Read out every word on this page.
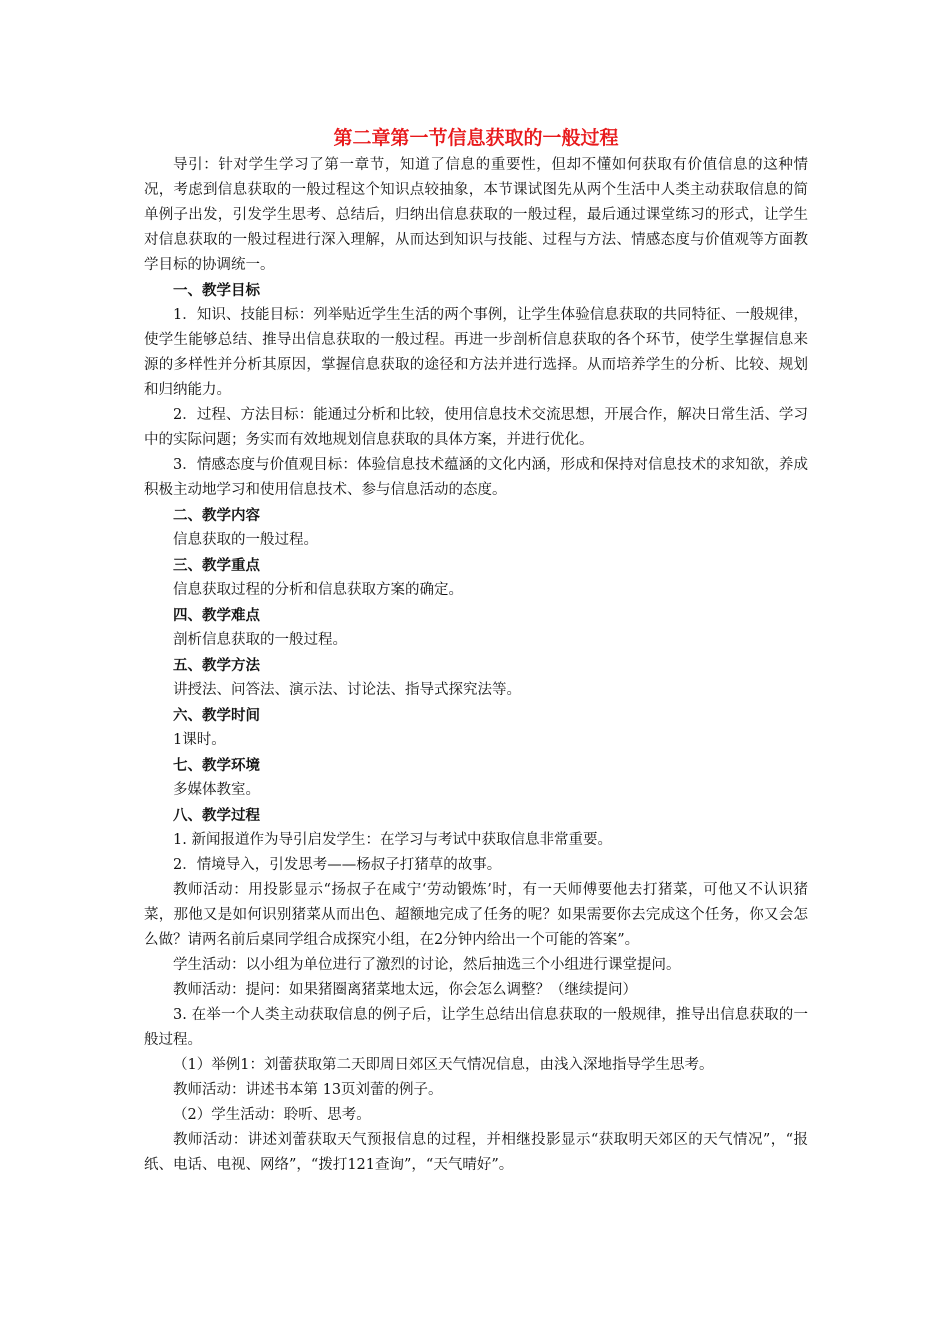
第二章第一节信息获取的一般过程

导引：针对学生学习了第一章节，知道了信息的重要性，但却不懂如何获取有价值信息的这种情况，考虑到信息获取的一般过程这个知识点较抽象，本节课试图先从两个生活中人类主动获取信息的简单例子出发，引发学生思考、总结后，归纳出信息获取的一般过程，最后通过课堂练习的形式，让学生对信息获取的一般过程进行深入理解，从而达到知识与技能、过程与方法、情感态度与价值观等方面教学目标的协调统一。

一、教学目标

1．知识、技能目标：列举贴近学生生活的两个事例，让学生体验信息获取的共同特征、一般规律，使学生能够总结、推导出信息获取的一般过程。再进一步剖析信息获取的各个环节，使学生掌握信息来源的多样性并分析其原因，掌握信息获取的途径和方法并进行选择。从而培养学生的分析、比较、规划和归纳能力。

2．过程、方法目标：能通过分析和比较，使用信息技术交流思想，开展合作，解决日常生活、学习中的实际问题；务实而有效地规划信息获取的具体方案，并进行优化。

3．情感态度与价值观目标：体验信息技术蕴涵的文化内涵，形成和保持对信息技术的求知欲，养成积极主动地学习和使用信息技术、参与信息活动的态度。

二、教学内容

信息获取的一般过程。

三、教学重点

信息获取过程的分析和信息获取方案的确定。

四、教学难点

剖析信息获取的一般过程。

五、教学方法

讲授法、问答法、演示法、讨论法、指导式探究法等。

六、教学时间

1课时。

七、教学环境

多媒体教室。

八、教学过程

1. 新闻报道作为导引启发学生：在学习与考试中获取信息非常重要。

2．情境导入，引发思考——杨叔子打猪草的故事。

教师活动：用投影显示“扬叔子在咸宁‘劳动锻炼’时，有一天师傅要他去打猪菜，可他又不认识猪菜，那他又是如何识别猪菜从而出色、超额地完成了任务的呢？如果需要你去完成这个任务，你又会怎么做？请两名前后桌同学组合成探究小组，在2分钟内给出一个可能的答案”。

学生活动：以小组为单位进行了激烈的讨论，然后抽选三个小组进行课堂提问。

教师活动：提问：如果猪圈离猪菜地太远，你会怎么调整？（继续提问）

3. 在举一个人类主动获取信息的例子后，让学生总结出信息获取的一般规律，推导出信息获取的一般过程。

（1）举例1：刘蕾获取第二天即周日郊区天气情况信息，由浅入深地指导学生思考。

教师活动：讲述书本第 13页刘蕾的例子。

（2）学生活动：聆听、思考。

教师活动：讲述刘蕾获取天气预报信息的过程，并相继投影显示“获取明天郊区的天气情况”，“报纸、电话、电视、网络”，“拨打121查询”，“天气晴好”。
